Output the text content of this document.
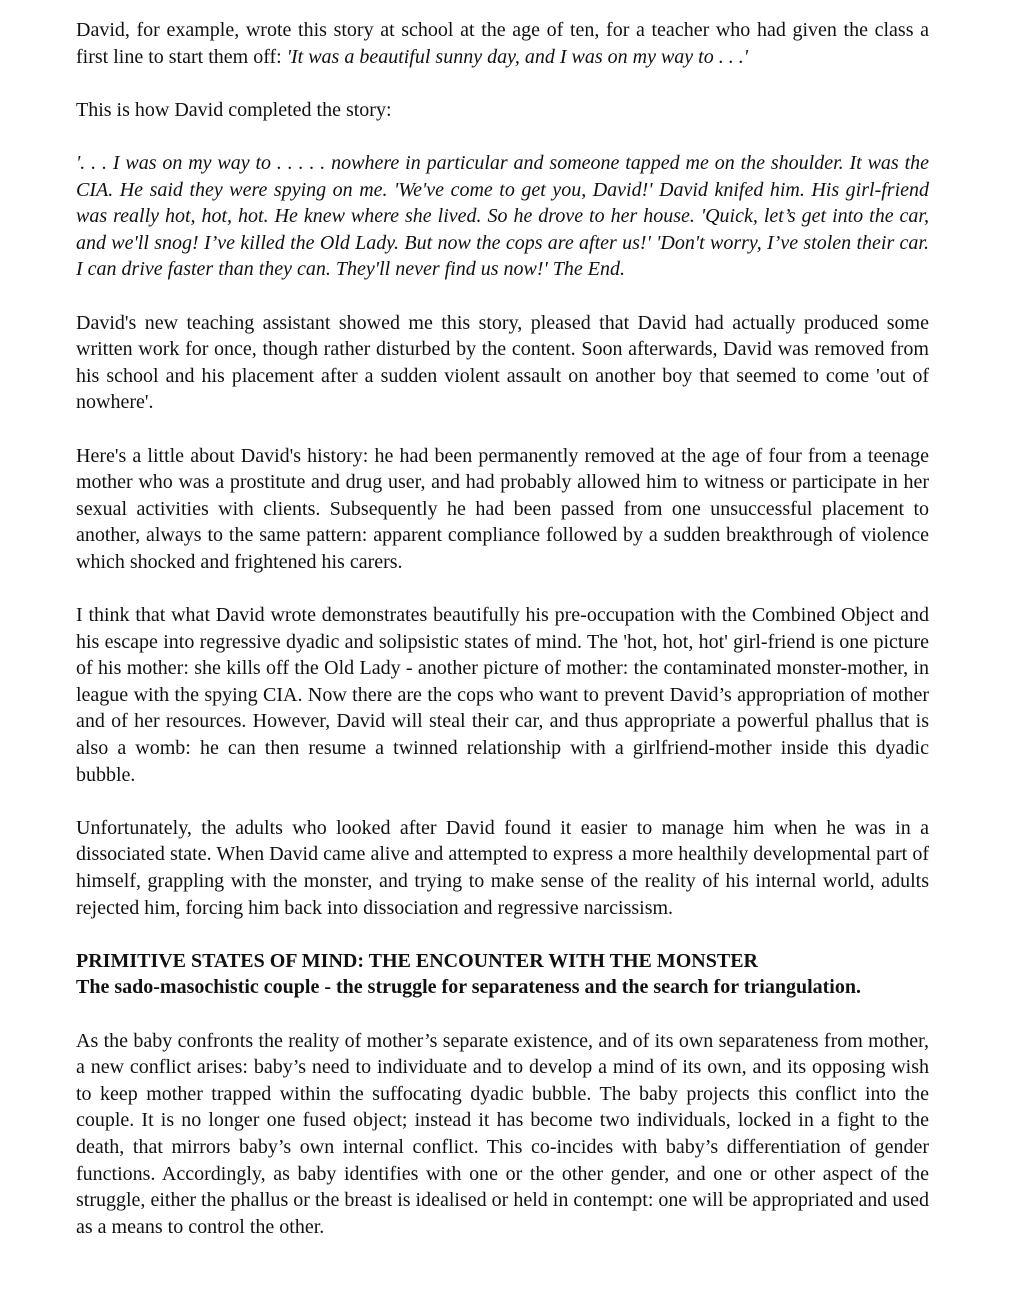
David, for example, wrote this story at school at the age of ten, for a teacher who had given the class a first line to start them off: 'It was a beautiful sunny day, and I was on my way to . . .'

This is how David completed the story:

'. . . I was on my way to . . . . . nowhere in particular and someone tapped me on the shoulder. It was the CIA. He said they were spying on me. 'We've come to get you, David!' David knifed him. His girl-friend was really hot, hot, hot. He knew where she lived. So he drove to her house. 'Quick, let’s get into the car, and we'll snog! I’ve killed the Old Lady. But now the cops are after us!' 'Don't worry, I’ve stolen their car. I can drive faster than they can. They'll never find us now!' The End.

David's new teaching assistant showed me this story, pleased that David had actually produced some written work for once, though rather disturbed by the content. Soon afterwards, David was removed from his school and his placement after a sudden violent assault on another boy that seemed to come 'out of nowhere'.

Here's a little about David's history: he had been permanently removed at the age of four from a teenage mother who was a prostitute and drug user, and had probably allowed him to witness or participate in her sexual activities with clients. Subsequently he had been passed from one unsuccessful placement to another, always to the same pattern: apparent compliance followed by a sudden breakthrough of violence which shocked and frightened his carers.

I think that what David wrote demonstrates beautifully his pre-occupation with the Combined Object and his escape into regressive dyadic and solipsistic states of mind. The 'hot, hot, hot' girl-friend is one picture of his mother: she kills off the Old Lady - another picture of mother: the contaminated monster-mother, in league with the spying CIA. Now there are the cops who want to prevent David’s appropriation of mother and of her resources. However, David will steal their car, and thus appropriate a powerful phallus that is also a womb: he can then resume a twinned relationship with a girlfriend-mother inside this dyadic bubble.

Unfortunately, the adults who looked after David found it easier to manage him when he was in a dissociated state. When David came alive and attempted to express a more healthily developmental part of himself, grappling with the monster, and trying to make sense of the reality of his internal world, adults rejected him, forcing him back into dissociation and regressive narcissism.

PRIMITIVE STATES OF MIND: THE ENCOUNTER WITH THE MONSTER
The sado-masochistic couple - the struggle for separateness and the search for triangulation.

As the baby confronts the reality of mother’s separate existence, and of its own separateness from mother, a new conflict arises: baby’s need to individuate and to develop a mind of its own, and its opposing wish to keep mother trapped within the suffocating dyadic bubble. The baby projects this conflict into the couple. It is no longer one fused object; instead it has become two individuals, locked in a fight to the death, that mirrors baby’s own internal conflict. This co-incides with baby’s differentiation of gender functions. Accordingly, as baby identifies with one or the other gender, and one or other aspect of the struggle, either the phallus or the breast is idealised or held in contempt: one will be appropriated and used as a means to control the other.
